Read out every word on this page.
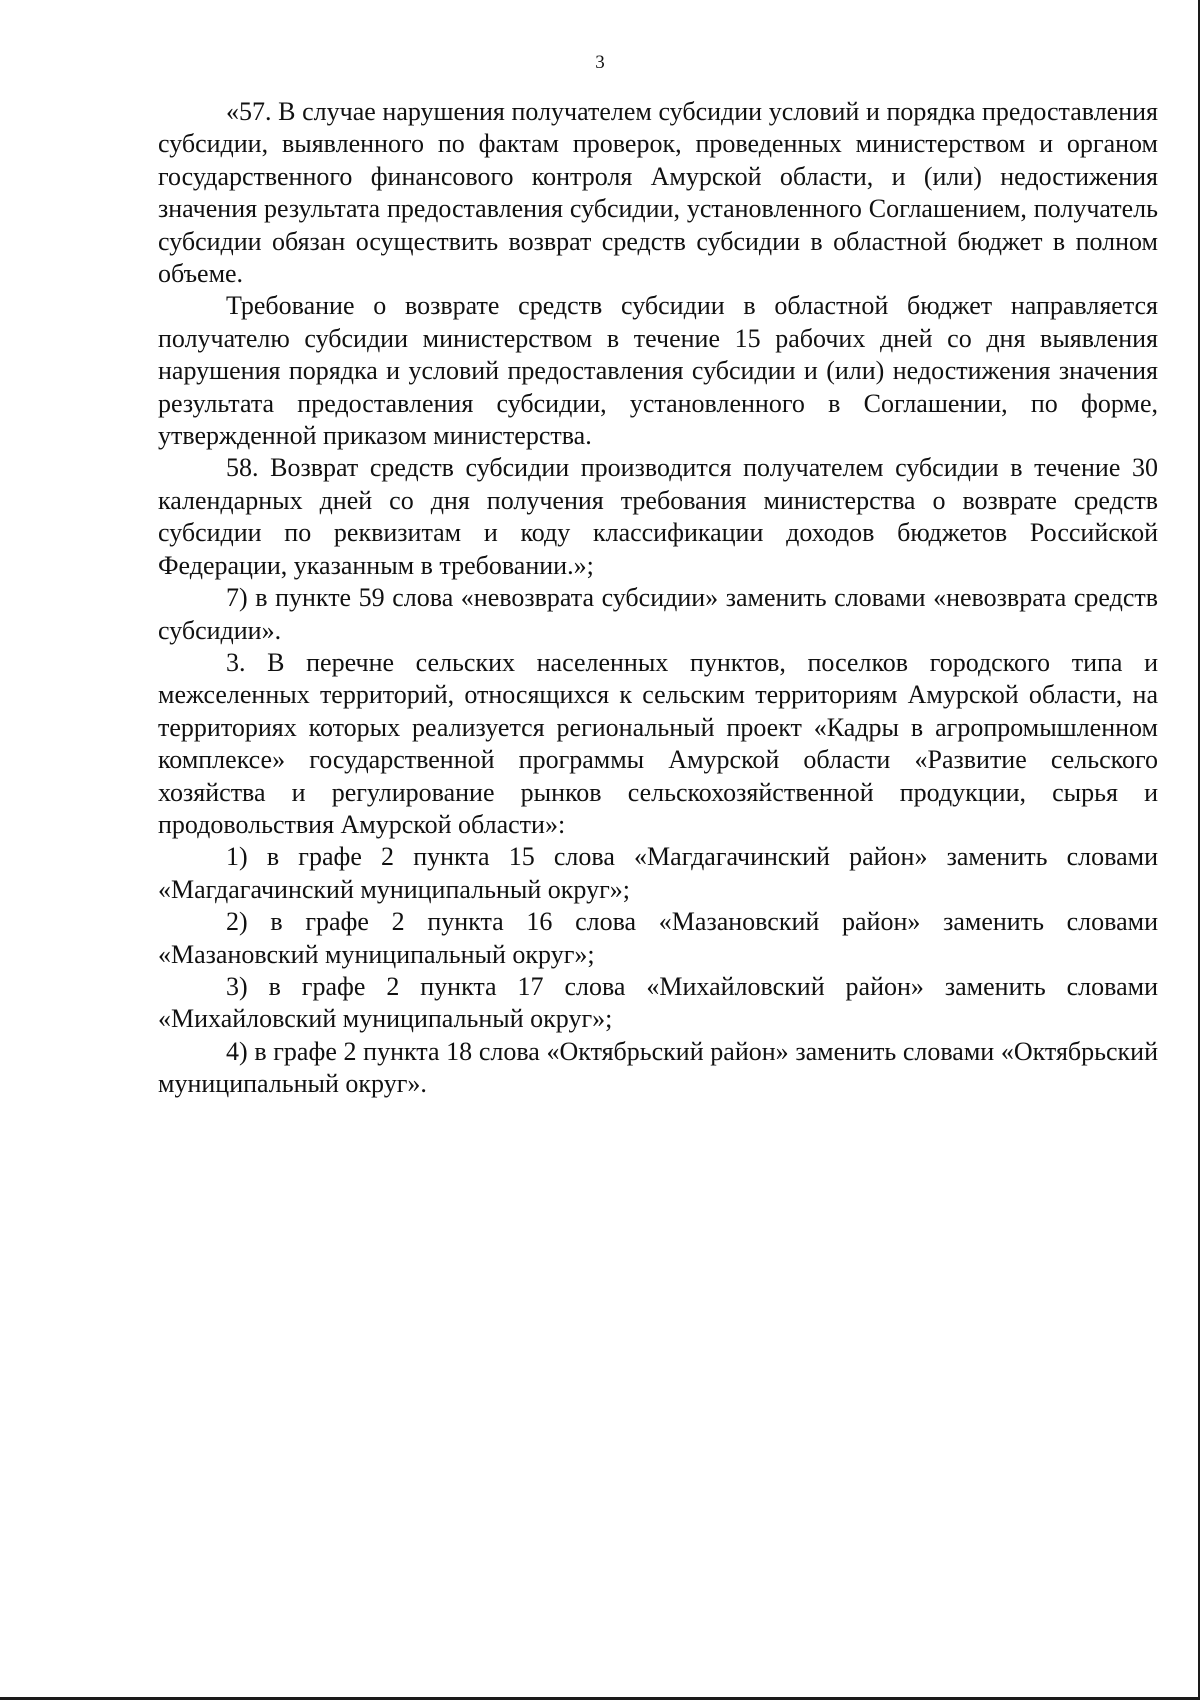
3

«57. В случае нарушения получателем субсидии условий и порядка предоставления субсидии, выявленного по фактам проверок, проведенных министерством и органом государственного финансового контроля Амурской области, и (или) недостижения значения результата предоставления субсидии, установленного Соглашением, получатель субсидии обязан осуществить возврат средств субсидии в областной бюджет в полном объеме.

Требование о возврате средств субсидии в областной бюджет направляется получателю субсидии министерством в течение 15 рабочих дней со дня выявления нарушения порядка и условий предоставления субсидии и (или) недостижения значения результата предоставления субсидии, установленного в Соглашении, по форме, утвержденной приказом министерства.

58. Возврат средств субсидии производится получателем субсидии в течение 30 календарных дней со дня получения требования министерства о возврате средств субсидии по реквизитам и коду классификации доходов бюджетов Российской Федерации, указанным в требовании.»;

7) в пункте 59 слова «невозврата субсидии» заменить словами «невозврата средств субсидии».

3. В перечне сельских населенных пунктов, поселков городского типа и межселенных территорий, относящихся к сельским территориям Амурской области, на территориях которых реализуется региональный проект «Кадры в агропромышленном комплексе» государственной программы Амурской области «Развитие сельского хозяйства и регулирование рынков сельскохозяйственной продукции, сырья и продовольствия Амурской области»:

1) в графе 2 пункта 15 слова «Магдагачинский район» заменить словами «Магдагачинский муниципальный округ»;

2) в графе 2 пункта 16 слова «Мазановский район» заменить словами «Мазановский муниципальный округ»;

3) в графе 2 пункта 17 слова «Михайловский район» заменить словами «Михайловский муниципальный округ»;

4) в графе 2 пункта 18 слова «Октябрьский район» заменить словами «Октябрьский муниципальный округ».
